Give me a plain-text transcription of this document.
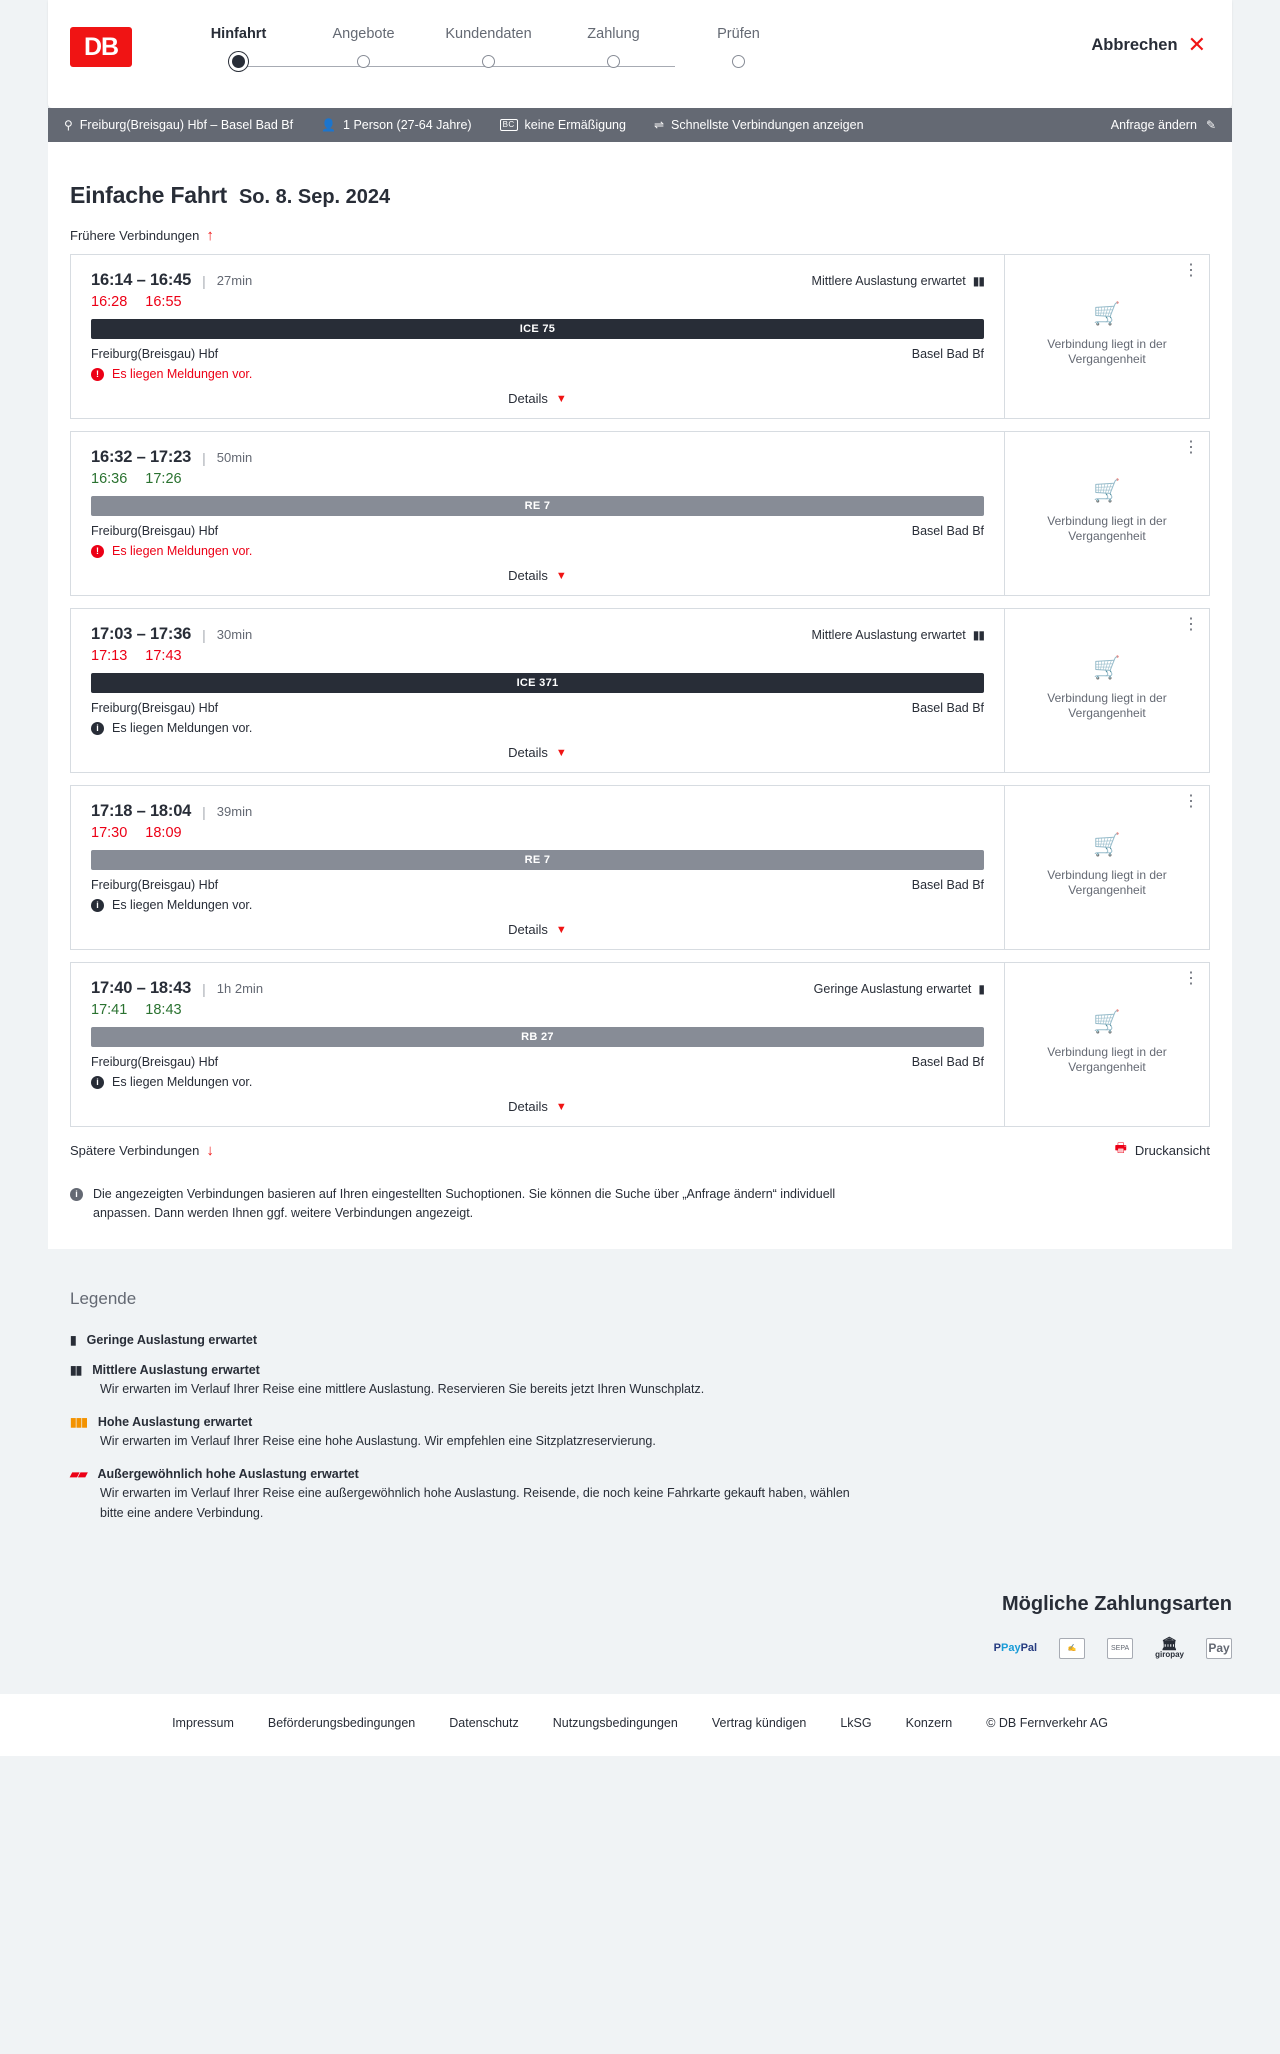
DB	Hinfahrt	Angebote	Kundendaten	Zahlung	Prüfen
Abbrechen ✕
⚲ Freiburg(Breisgau) Hbf – Basel Bad Bf 👤 1 Person (27-64 Jahre)	BC keine Ermäßigung ⇌ Schnellste Verbindungen anzeigen	Anfrage ändern ✎
Einfache Fahrt So. 8. Sep. 2024
Frühere Verbindungen ↑
16:14 – 16:45 | 27min	Mittlere Auslastung erwartet ▮▮
16:28 16:55
ICE 75
Freiburg(Breisgau) Hbf	Basel Bad Bf
!	Es liegen Meldungen vor.
Details ▼
⋮
🛒
Verbindung liegt in der Vergangenheit
16:32 – 17:23 | 50min
16:36 17:26
RE 7
Freiburg(Breisgau) Hbf	Basel Bad Bf
!	Es liegen Meldungen vor.
Details ▼
⋮
🛒
Verbindung liegt in der Vergangenheit
17:03 – 17:36 | 30min	Mittlere Auslastung erwartet ▮▮
17:13 17:43
ICE 371
Freiburg(Breisgau) Hbf	Basel Bad Bf
i	Es liegen Meldungen vor.
Details ▼
⋮
🛒
Verbindung liegt in der Vergangenheit
17:18 – 18:04 | 39min
17:30 18:09
RE 7
Freiburg(Breisgau) Hbf	Basel Bad Bf
i	Es liegen Meldungen vor.
Details ▼
⋮
🛒
Verbindung liegt in der Vergangenheit
17:40 – 18:43 | 1h 2min	Geringe Auslastung erwartet ▮
17:41 18:43
RB 27
Freiburg(Breisgau) Hbf	Basel Bad Bf
i	Es liegen Meldungen vor.
Details ▼
⋮
🛒
Verbindung liegt in der Vergangenheit
Spätere Verbindungen ↓	🖶 Druckansicht
i	Die angezeigten Verbindungen basieren auf Ihren eingestellten Suchoptionen. Sie können die Suche über „Anfrage ändern“ individuell anpassen. Dann werden Ihnen ggf. weitere Verbindungen angezeigt.
Legende
▮ Geringe Auslastung erwartet
▮▮ Mittlere Auslastung erwartet
Wir erwarten im Verlauf Ihrer Reise eine mittlere Auslastung. Reservieren Sie bereits jetzt Ihren Wunschplatz.
▮▮▮ Hohe Auslastung erwartet
Wir erwarten im Verlauf Ihrer Reise eine hohe Auslastung. Wir empfehlen eine Sitzplatzreservierung.
▰▰ Außergewöhnlich hohe Auslastung erwartet
Wir erwarten im Verlauf Ihrer Reise eine außergewöhnlich hohe Auslastung. Reisende, die noch keine Fahrkarte gekauft haben, wählen bitte eine andere Verbindung.
Mögliche Zahlungsarten
P Pay Pal	✍	SEPA	🏛
giropay Pay
Impressum	Beförderungsbedingungen	Datenschutz	Nutzungsbedingungen	Vertrag kündigen	LkSG	Konzern	© DB Fernverkehr AG
